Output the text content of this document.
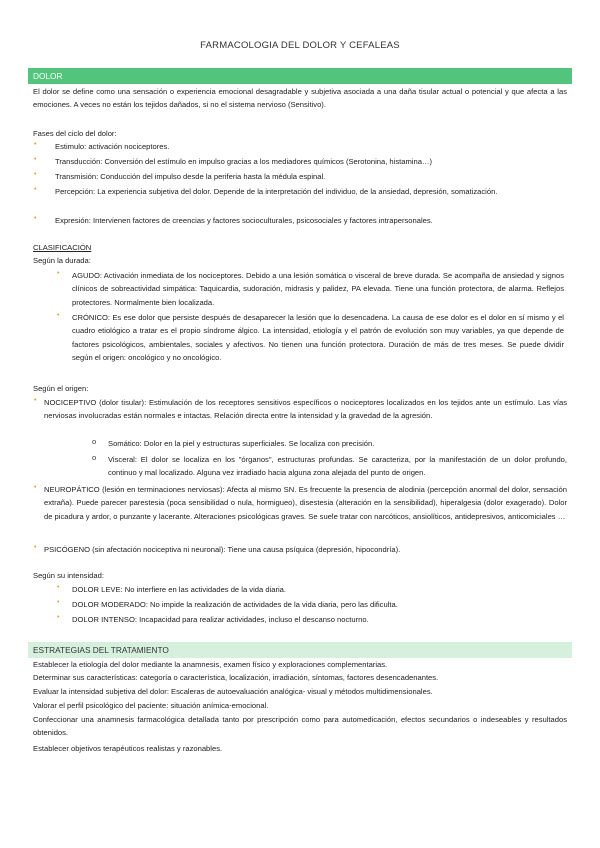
FARMACOLOGIA DEL DOLOR Y CEFALEAS
DOLOR
El dolor se define como una sensación o experiencia emocional desagradable y subjetiva asociada a una daña tisular actual o potencial y que afecta a las emociones. A veces no están los tejidos dañados, si no el sistema nervioso (Sensitivo).
Fases del ciclo del dolor:
• Estimulo: activación nociceptores.
• Transducción: Conversión del estímulo en impulso gracias a los mediadores químicos (Serotonina, histamina…)
• Transmisión: Conducción del impulso desde la periferia hasta la médula espinal.
• Percepción: La experiencia subjetiva del dolor. Depende de la interpretación del individuo, de la ansiedad, depresión, somatización.
• Expresión: Intervienen factores de creencias y factores socioculturales, psicosociales y factores intrapersonales.
CLASIFICACIÓN
Según la durada:
• AGUDO: Activación inmediata de los nociceptores. Debido a una lesión somática o visceral de breve durada. Se acompaña de ansiedad y signos clínicos de sobreactividad simpática: Taquicardia, sudoración, midrasis y palidez, PA elevada. Tiene una función protectora, de alarma. Reflejos protectores. Normalmente bien localizada.
• CRÓNICO: Es ese dolor que persiste después de desaparecer la lesión que lo desencadena. La causa de ese dolor es el dolor en sí mismo y el cuadro etiológico a tratar es el propio síndrome álgico. La intensidad, etiología y el patrón de evolución son muy variables, ya que depende de factores psicológicos, ambientales, sociales y afectivos. No tienen una función protectora. Duración de más de tres meses. Se puede dividir según el origen: oncológico y no oncológico.
Según el origen:
• NOCICEPTIVO (dolor tisular): Estimulación de los receptores sensitivos específicos o nociceptores localizados en los tejidos ante un estímulo. Las vías nerviosas involucradas están normales e intactas. Relación directa entre la intensidad y la gravedad de la agresión.
o Somático: Dolor en la piel y estructuras superficiales. Se localiza con precisión.
o Visceral: El dolor se localiza en los "órganos", estructuras profundas. Se caracteriza, por la manifestación de un dolor profundo, continuo y mal localizado. Alguna vez irradiado hacia alguna zona alejada del punto de origen.
• NEUROPÁTICO (lesión en terminaciones nerviosas): Afecta al mismo SN. Es frecuente la presencia de alodinia (percepción anormal del dolor, sensación extraña). Puede parecer parestesia (poca sensibilidad o nula, hormigueo), disestesia (alteración en la sensibilidad), hiperalgesia (dolor exagerado). Dolor de picadura y ardor, o punzante y lacerante. Alteraciones psicológicas graves. Se suele tratar con narcóticos, ansiolíticos, antidepresivos, anticomiciales …
• PSICÓGENO (sin afectación nociceptiva ni neuronal): Tiene una causa psíquica (depresión, hipocondría).
Según su intensidad:
• DOLOR LEVE: No interfiere en las actividades de la vida diaria.
• DOLOR MODERADO: No impide la realización de actividades de la vida diaria, pero las dificulta.
• DOLOR INTENSO: Incapacidad para realizar actividades, incluso el descanso nocturno.
ESTRATEGIAS DEL TRATAMIENTO
Establecer la etiología del dolor mediante la anamnesis, examen físico y exploraciones complementarias.
Determinar sus características: categoría o característica, localización, irradiación, síntomas, factores desencadenantes.
Evaluar la intensidad subjetiva del dolor: Escaleras de autoevaluación analógica- visual y métodos multidimensionales.
Valorar el perfil psicológico del paciente: situación anímica-emocional.
Confeccionar una anamnesis farmacológica detallada tanto por prescripción como para automedicación, efectos secundarios o indeseables y resultados obtenidos.
Establecer objetivos terapéuticos realistas y razonables.
